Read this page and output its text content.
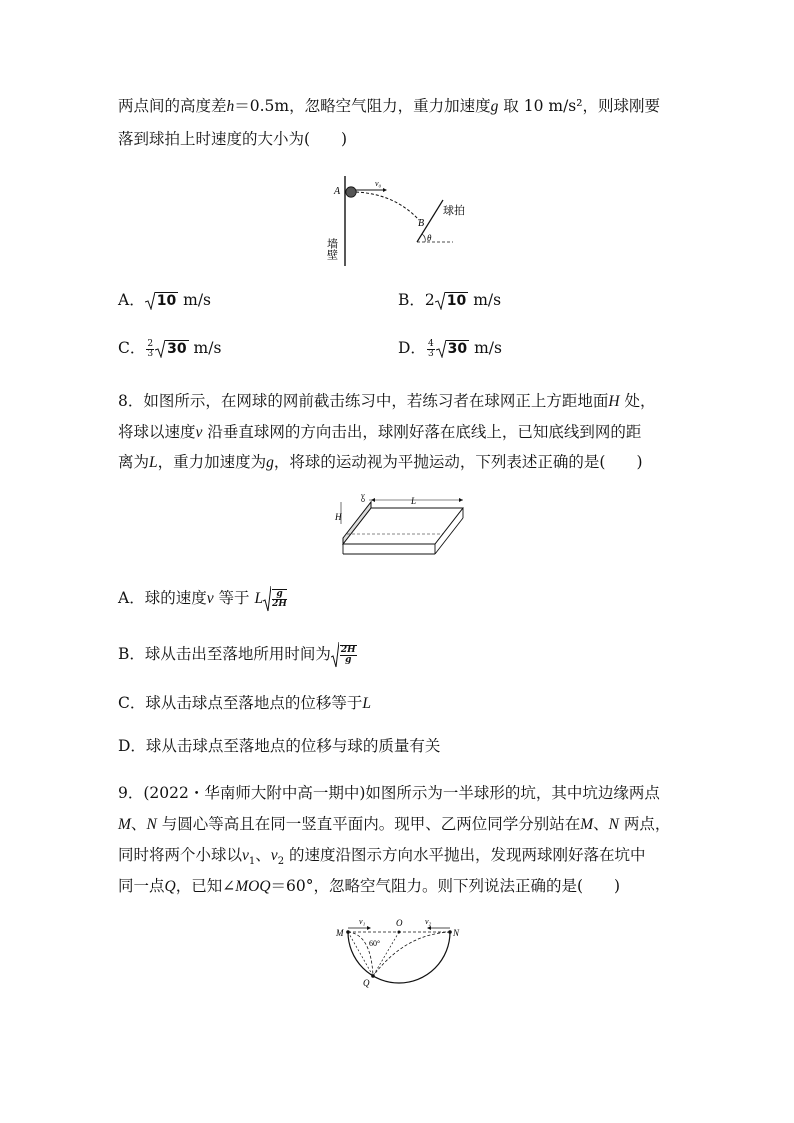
两点间的高度差h＝0.5m，忽略空气阻力，重力加速度g 取 10 m/s²，则球刚要
落到球拍上时速度的大小为(　　)
A
v₀
B
球拍
θ
墙壁
A． 10 m/s	B．2 10 m/s
C． $\frac{2}{3} 30$ m/s	D． $\frac{4}{3} 30$ m/s
8．如图所示，在网球的网前截击练习中，若练习者在球网正上方距地面H 处，
将球以速度v 沿垂直球网的方向击出，球刚好落在底线上，已知底线到网的距
离为L，重力加速度为g，将球的运动视为平抛运动，下列表述正确的是(　　)
H
v
L
A．球的速度v 等于 L $\frac{g}{2H}$
B．球从击出至落地所用时间为 $\frac{2H}{g}$
C．球从击球点至落地点的位移等于L
D．球从击球点至落地点的位移与球的质量有关
9．(2022・华南师大附中高一期中)如图所示为一半球形的坑，其中坑边缘两点
M、N 与圆心等高且在同一竖直平面内。现甲、乙两位同学分别站在M、N 两点，
同时将两个小球以$v_1$、$v_2$ 的速度沿图示方向水平抛出，发现两球刚好落在坑中
同一点Q，已知∠MOQ＝60°，忽略空气阻力。则下列说法正确的是(　　)
M	N
O
Q
v₁	v₂
60°
